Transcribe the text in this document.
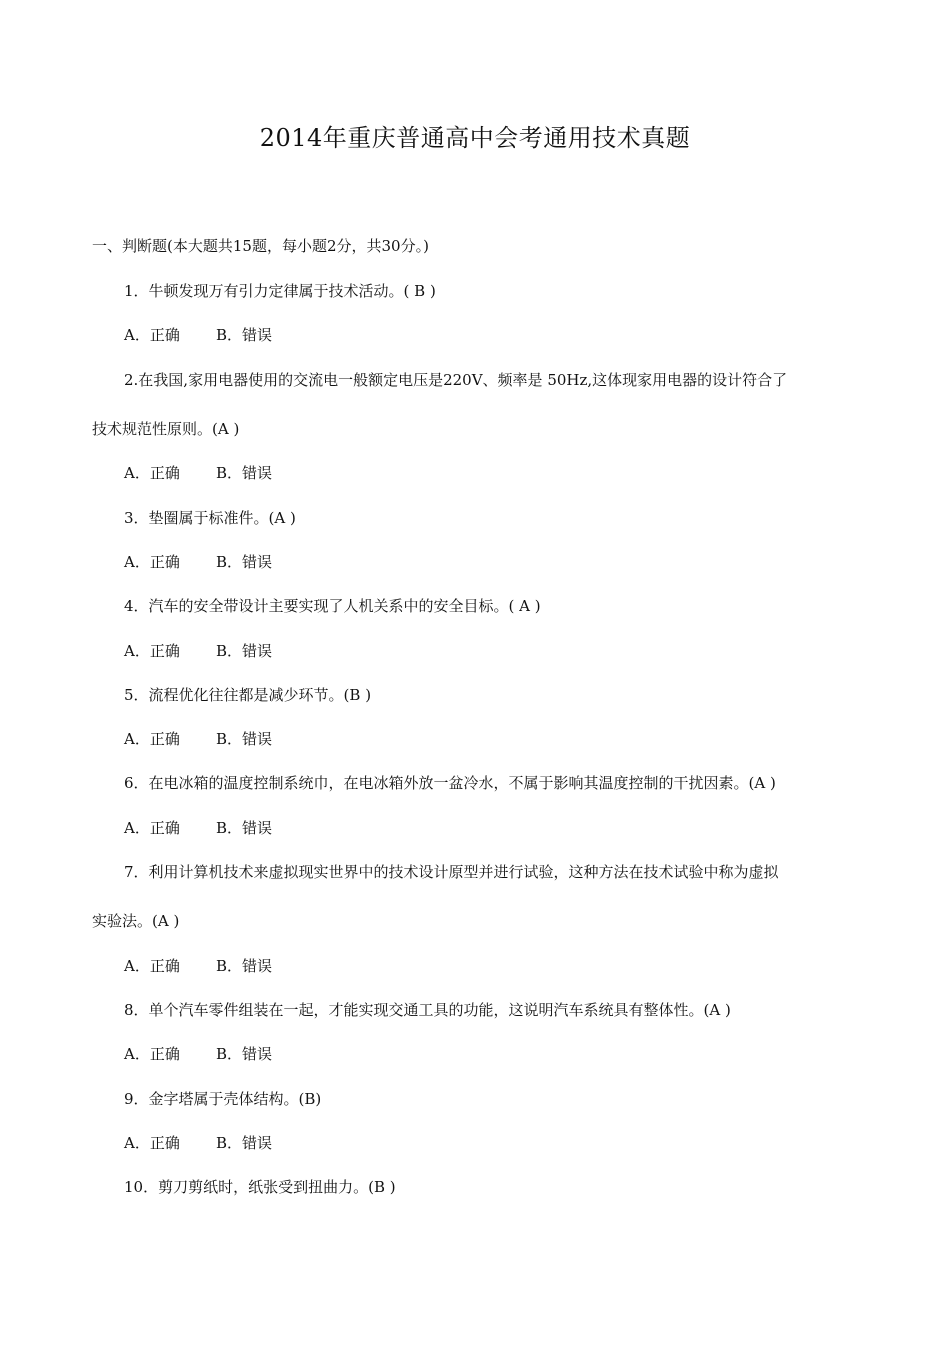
2014年重庆普通高中会考通用技术真题
一、判断题(本大题共15题，每小题2分，共30分。)
1．牛顿发现万有引力定律属于技术活动。( B )
A．正确 B．错误
2.在我国,家用电器使用的交流电一般额定电压是220V、频率是 50Hz,这体现家用电器的设计符合了
技术规范性原则。(A )
A．正确 B．错误
3．垫圈属于标准件。(A )
A．正确 B．错误
4．汽车的安全带设计主要实现了人机关系中的安全目标。( A )
A．正确 B．错误
5．流程优化往往都是减少环节。(B )
A．正确 B．错误
6．在电冰箱的温度控制系统巾，在电冰箱外放一盆冷水，不属于影响其温度控制的干扰因素。(A )
A．正确 B．错误
7．利用计算机技术来虚拟现实世界中的技术设计原型并进行试验，这种方法在技术试验中称为虚拟
实验法。(A )
A．正确 B．错误
8．单个汽车零件组装在一起，才能实现交通工具的功能，这说明汽车系统具有整体性。(A )
A．正确 B．错误
9．金字塔属于壳体结构。(B)
A．正确 B．错误
10．剪刀剪纸时，纸张受到扭曲力。(B )
